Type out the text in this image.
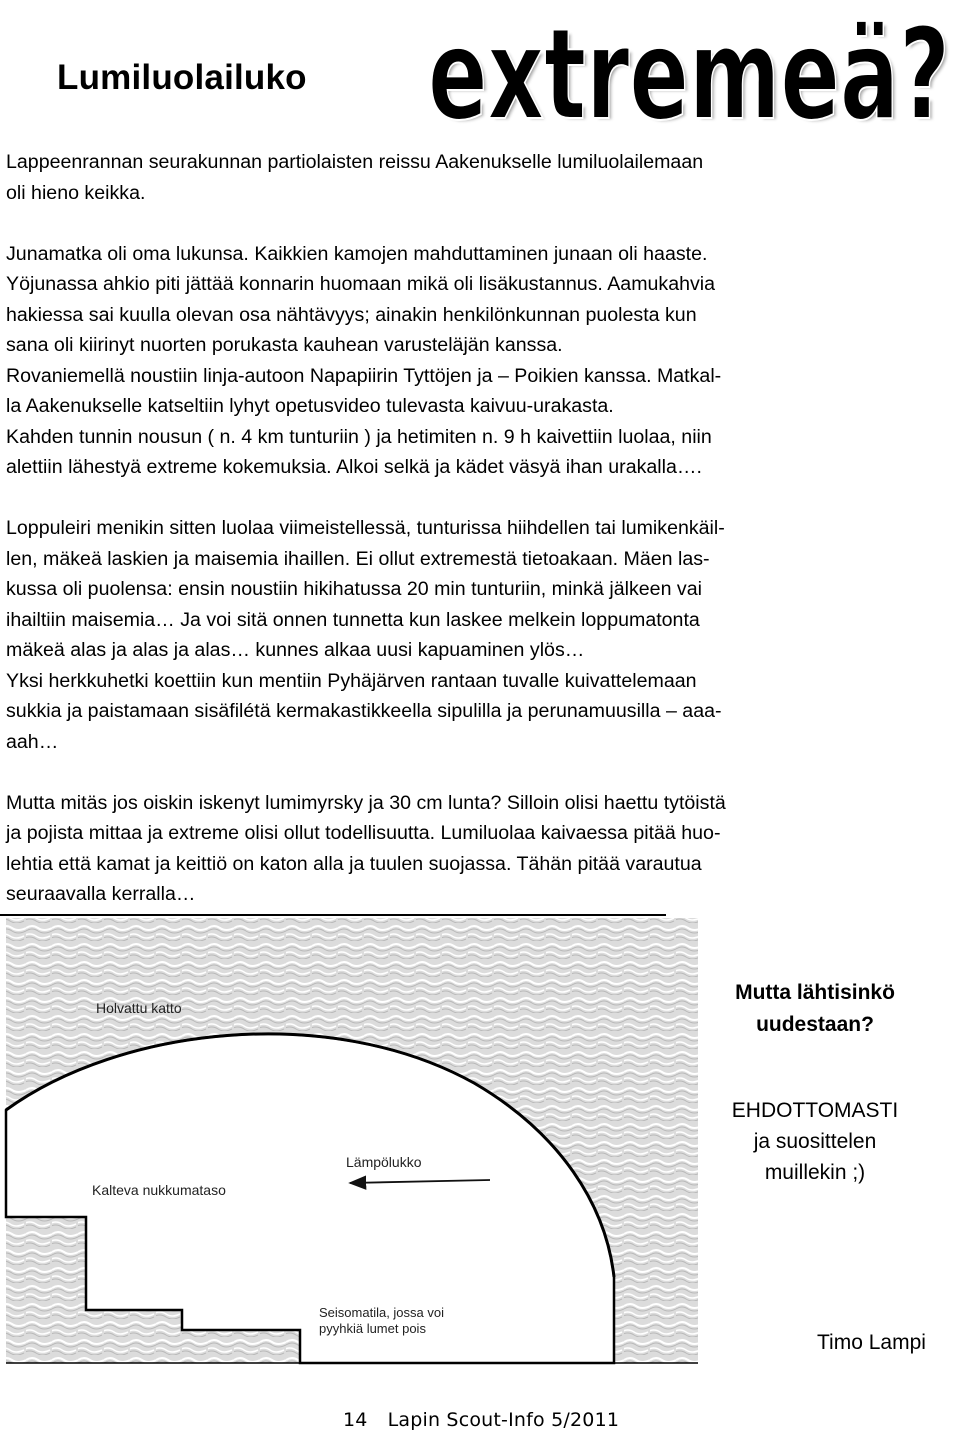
Lumiluolailuko extremeä?
extremeä?

Lappeenrannan seurakunnan partiolaisten reissu Aakenukselle lumiluolailemaan
oli hieno keikka.

Junamatka oli oma lukunsa. Kaikkien kamojen mahduttaminen junaan oli haaste.
Yöjunassa ahkio piti jättää konnarin huomaan mikä oli lisäkustannus. Aamukahvia
hakiessa sai kuulla olevan osa nähtävyys; ainakin henkilönkunnan puolesta kun
sana oli kiirinyt nuorten porukasta kauhean varusteläjän kanssa.
Rovaniemellä noustiin linja-autoon Napapiirin Tyttöjen ja – Poikien kanssa. Matkal-
la Aakenukselle katseltiin lyhyt opetusvideo tulevasta kaivuu-urakasta.
Kahden tunnin nousun ( n. 4 km tunturiin ) ja hetimiten n. 9 h kaivettiin luolaa, niin
alettiin lähestyä extreme kokemuksia. Alkoi selkä ja kädet väsyä ihan urakalla….

Loppuleiri menikin sitten luolaa viimeistellessä, tunturissa hiihdellen tai lumikenkäil-
len, mäkeä laskien ja maisemia ihaillen. Ei ollut extremestä tietoakaan. Mäen las-
kussa oli puolensa: ensin noustiin hikihatussa 20 min tunturiin, minkä jälkeen vai
ihailtiin maisemia… Ja voi sitä onnen tunnetta kun laskee melkein loppumatonta
mäkeä alas ja alas ja alas… kunnes alkaa uusi kapuaminen ylös…
Yksi herkkuhetki koettiin kun mentiin Pyhäjärven rantaan tuvalle kuivattelemaan
sukkia ja paistamaan sisäfilétä kermakastikkeella sipulilla ja perunamuusilla – aaa-
aah…

Mutta mitäs jos oiskin iskenyt lumimyrsky ja 30 cm lunta? Silloin olisi haettu tytöistä
ja pojista mittaa ja extreme olisi ollut todellisuutta. Lumiluolaa kaivaessa pitää huo-
lehtia että kamat ja keittiö on katon alla ja tuulen suojassa. Tähän pitää varautua
seuraavalla kerralla…

Holvattu katto
Lämpölukko
Kalteva nukkumataso
Seisomatila, jossa voi
pyyhkiä lumet pois
Mutta lähtisinkö
uudestaan?
EHDOTTOMASTI
ja suosittelen
muillekin ;)
Timo Lampi
14 Lapin Scout-Info 5/2011
